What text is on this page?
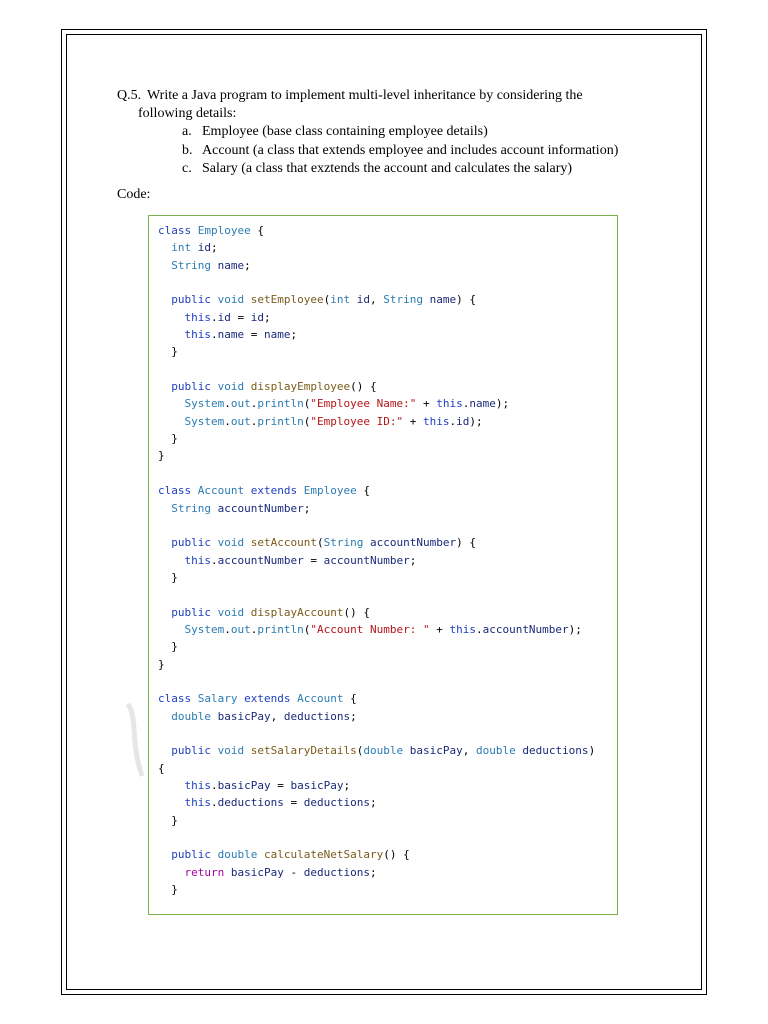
Q.5. Write a Java program to implement multi-level inheritance by considering the
following details:
a. Employee (base class containing employee details)
b. Account (a class that extends employee and includes account information)
c. Salary (a class that exztends the account and calculates the salary)
Code:
class Employee {
int id;
String name;

public void setEmployee(int id, String name) {
this.id = id;
this.name = name;
}

public void displayEmployee() {
System.out.println("Employee Name:" + this.name);
System.out.println("Employee ID:" + this.id);
}
}

class Account extends Employee {
String accountNumber;

public void setAccount(String accountNumber) {
this.accountNumber = accountNumber;
}

public void displayAccount() {
System.out.println("Account Number: " + this.accountNumber);
}
}

class Salary extends Account {
double basicPay, deductions;

public void setSalaryDetails(double basicPay, double deductions)
{
this.basicPay = basicPay;
this.deductions = deductions;
}

public double calculateNetSalary() {
return basicPay - deductions;
}
